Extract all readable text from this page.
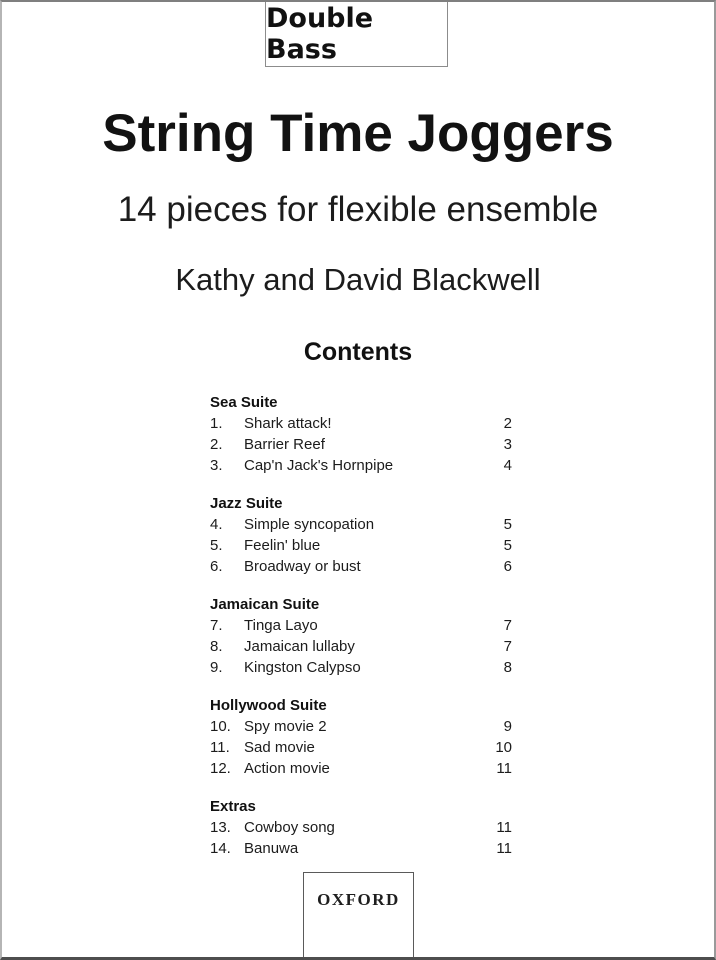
Double Bass
String Time Joggers
14 pieces for flexible ensemble
Kathy and David Blackwell
Contents
Sea Suite
1.	Shark attack!	2
2.	Barrier Reef	3
3.	Cap'n Jack's Hornpipe	4
Jazz Suite
4.	Simple syncopation	5
5.	Feelin' blue	5
6.	Broadway or bust	6
Jamaican Suite
7.	Tinga Layo	7
8.	Jamaican lullaby	7
9.	Kingston Calypso	8
Hollywood Suite
10. Spy movie 2	9
11. Sad movie	10
12. Action movie	11
Extras
13. Cowboy song	11
14. Banuwa	11
OXFORD
